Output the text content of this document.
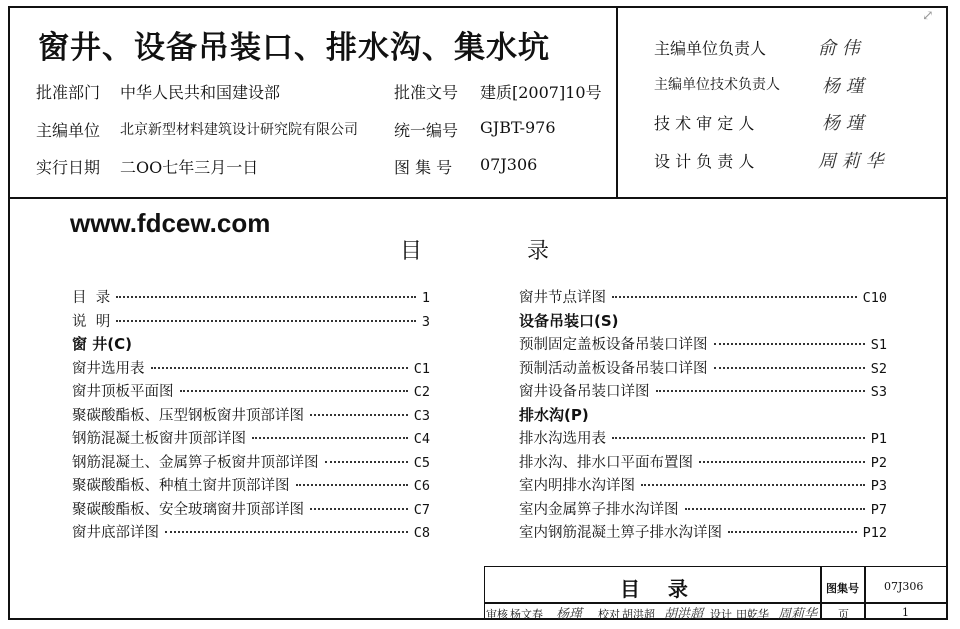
⤢
窗井、设备吊装口、排水沟、集水坑
批准部门 中华人民共和国建设部	批准文号 建质[2007]10号
主编单位 北京新型材料建筑设计研究院有限公司 统一编号 GJBT-976
实行日期 二OO七年三月一日	图 集 号 07J306
主编单位负责人	俞 伟
主编单位技术负责人 杨 瑾
技 术 审 定 人	杨 瑾
设 计 负 责 人	周 莉 华
www.fdcew.com
目	录
目  录	1
说  明	3
窗 井(C)
窗井选用表	C1
窗井顶板平面图	C2
聚碳酸酯板、压型钢板窗井顶部详图	C3
钢筋混凝土板窗井顶部详图	C4
钢筋混凝土、金属箅子板窗井顶部详图	C5
聚碳酸酯板、种植土窗井顶部详图	C6
聚碳酸酯板、安全玻璃窗井顶部详图	C7
窗井底部详图	C8
窗井节点详图	C10
设备吊装口(S)
预制固定盖板设备吊装口详图	S1
预制活动盖板设备吊装口详图	S2
窗井设备吊装口详图	S3
排水沟(P)
排水沟选用表	P1
排水沟、排水口平面布置图	P2
室内明排水沟详图	P3
室内金属箅子排水沟详图	P7
室内钢筋混凝土箅子排水沟详图	P12
目    录	图集号 07J306
审核 杨文春 杨瑾 校对 胡洪超 胡洪超 设计 田乾华 周莉华 页	1
